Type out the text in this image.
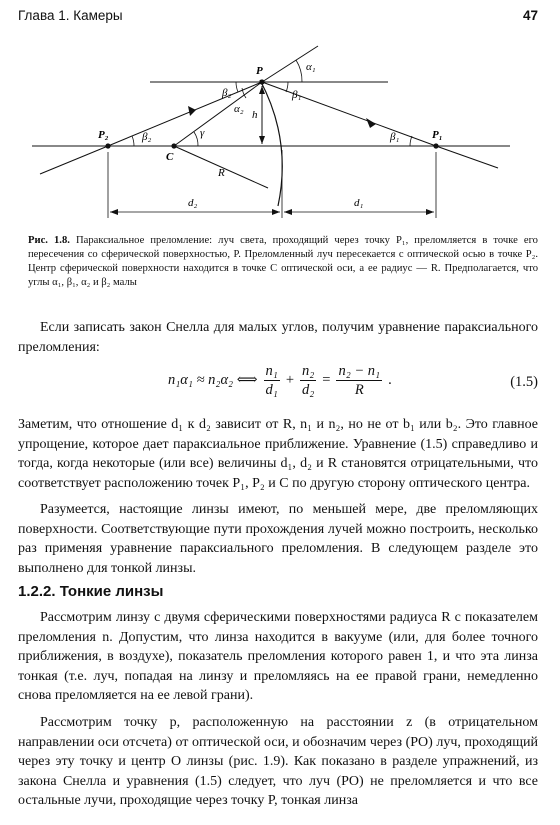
Глава 1. Камеры	47
P
P₁
P₂
C
α₁
α₂
β₁
β₂
β₂	β₁
γ
h
R
d₂	d₁
Рис. 1.8. Параксиальное преломление: луч света, проходящий через точку P₁, преломляется в точке его пересечения со сферической поверхностью, P. Преломленный луч пересекается с оптической осью в точке P₂. Центр сферической поверхности находится в точке C оптической оси, а ее радиус — R. Предполагается, что углы α₁, β₁, α₂ и β₂ малы

Если записать закон Снелла для малых углов, получим уравнение параксиального преломления:

n₁α₁ ≈ n₂α₂ ⟺ $\frac{\text{n₁}}{\text{d₁}} + \frac{\text{n₂}}{\text{d₂}} = \frac{\text{n₂ − n₁}}{R}$ .	(1.5)

Заметим, что отношение d₁ к d₂ зависит от R, n₁ и n₂, но не от b₁ или b₂. Это главное упрощение, которое дает параксиальное приближение. Уравнение (1.5) справедливо и тогда, когда некоторые (или все) величины d₁, d₂ и R становятся отрицательными, что соответствует расположению точек P₁, P₂ и C по другую сторону оптического центра.

Разумеется, настоящие линзы имеют, по меньшей мере, две преломляющих поверхности. Соответствующие пути прохождения лучей можно построить, несколько раз применяя уравнение параксиального преломления. В следующем разделе это выполнено для тонкой линзы.

1.2.2. Тонкие линзы

Рассмотрим линзу с двумя сферическими поверхностями радиуса R с показателем преломления n. Допустим, что линза находится в вакууме (или, для более точного приближения, в воздухе), показатель преломления которого равен 1, и что эта линза тонкая (т.е. луч, попадая на линзу и преломляясь на ее правой грани, немедленно снова преломляется на ее левой грани).

Рассмотрим точку p, расположенную на расстоянии z (в отрицательном направлении оси отсчета) от оптической оси, и обозначим через (PO) луч, проходящий через эту точку и центр O линзы (рис. 1.9). Как показано в разделе упражнений, из закона Снелла и уравнения (1.5) следует, что луч (PO) не преломляется и что все остальные лучи, проходящие через точку P, тонкая линза
